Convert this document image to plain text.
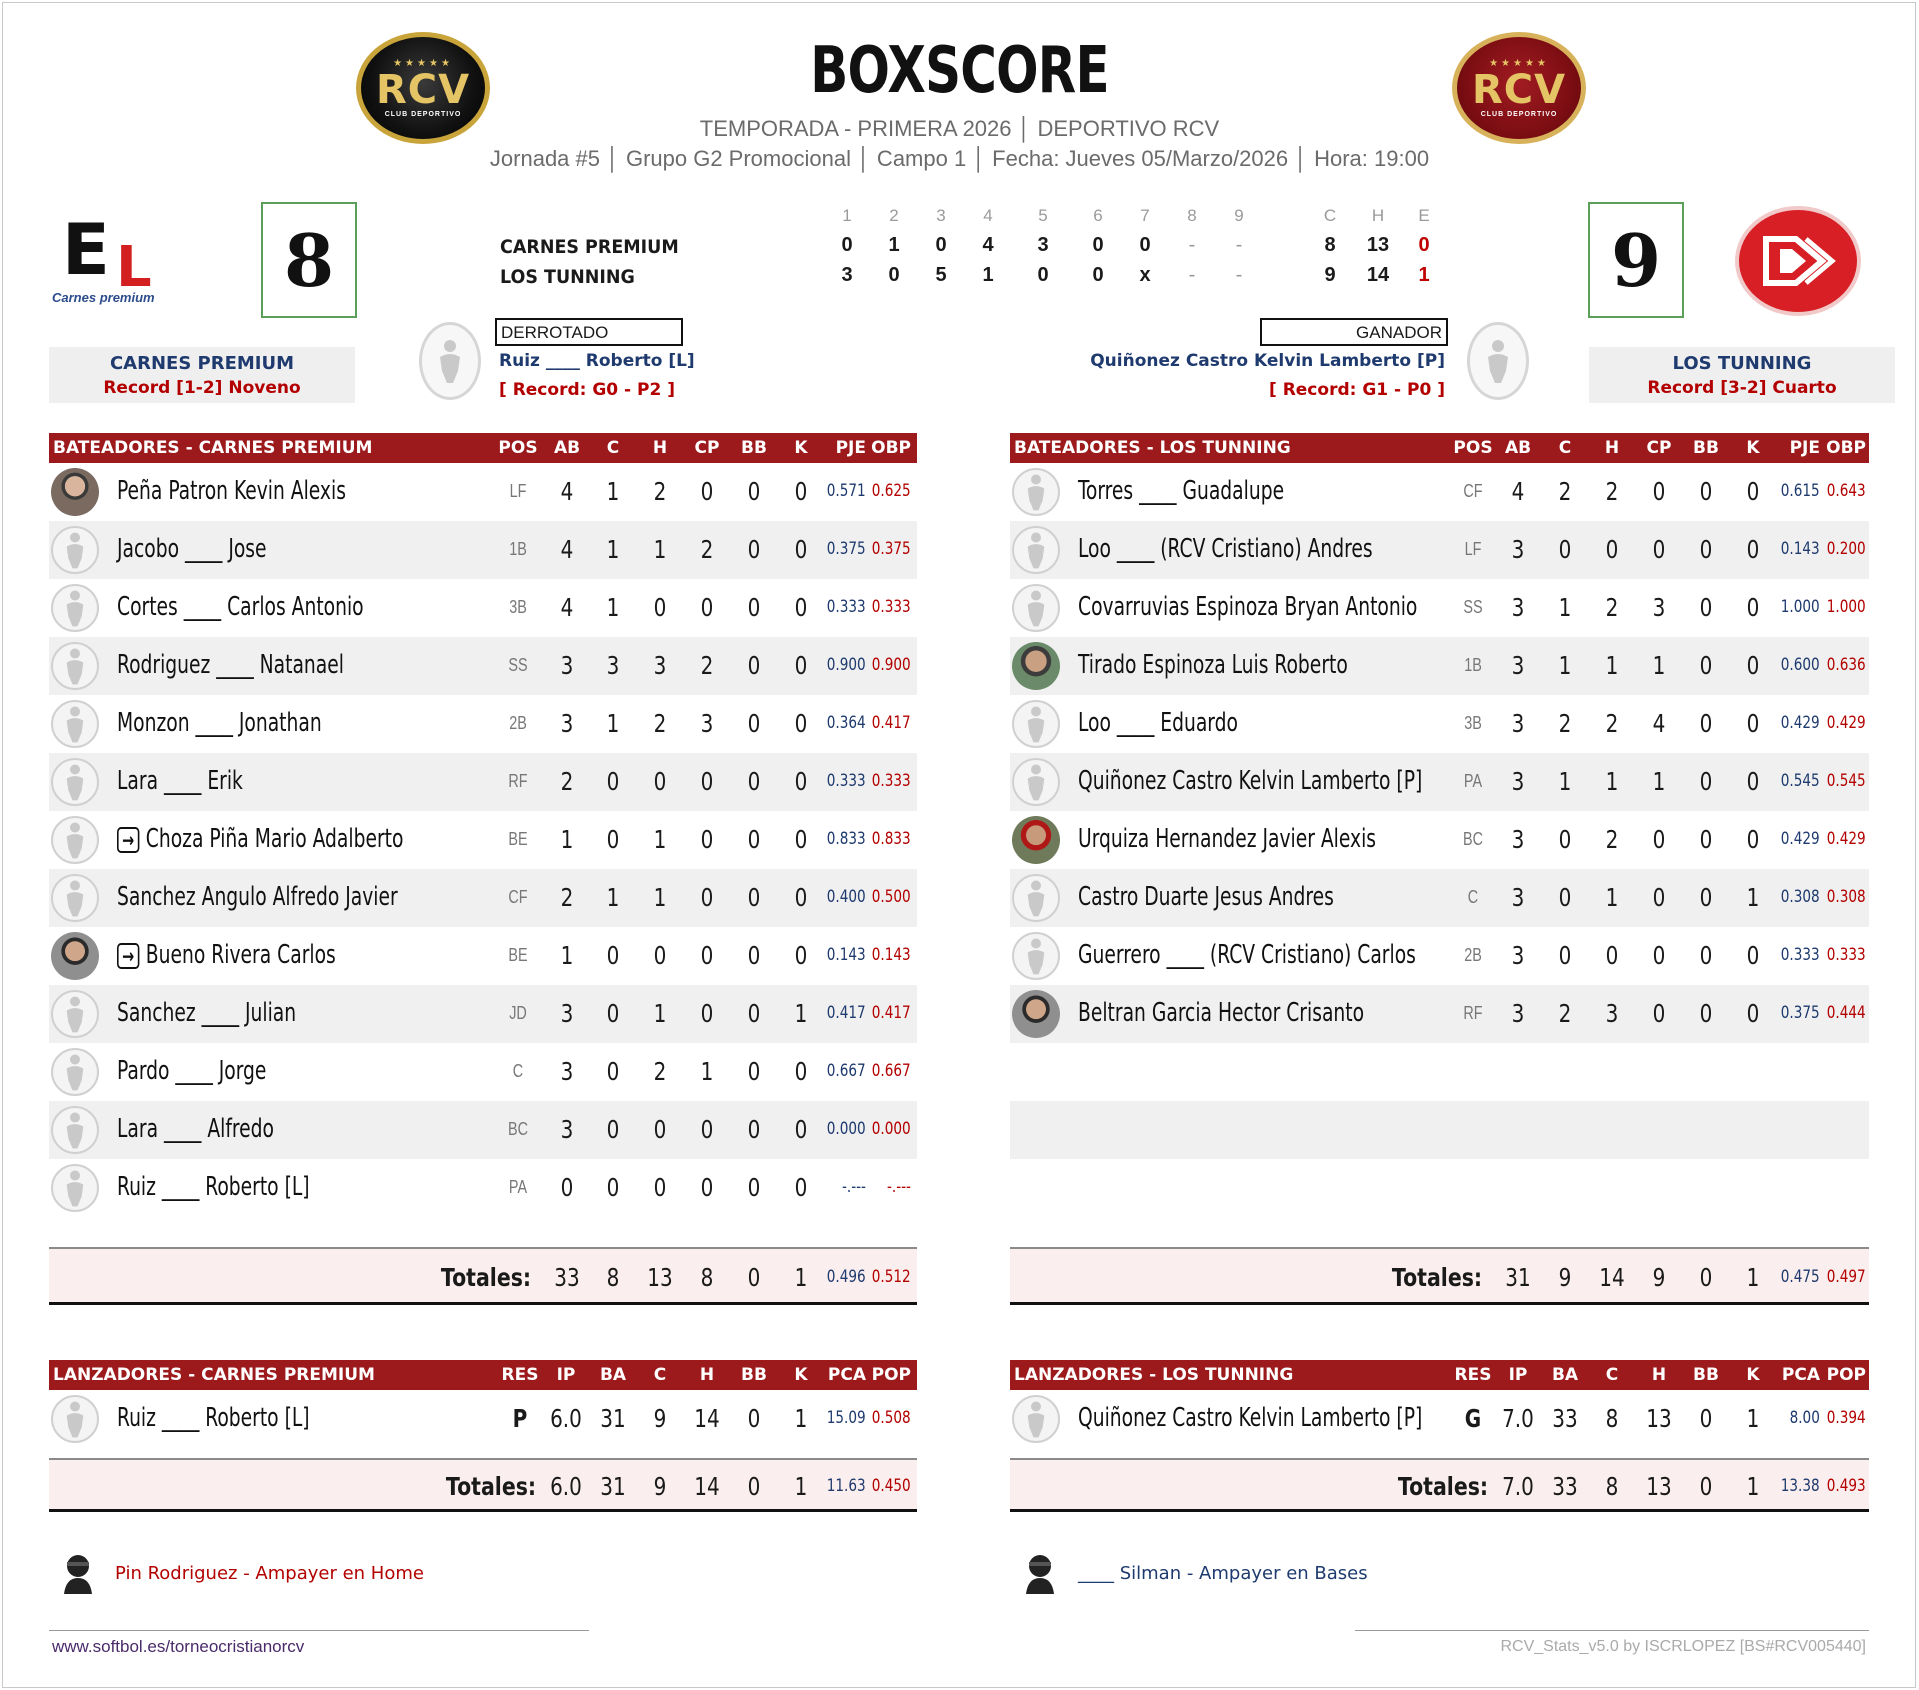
BOXSCORE
TEMPORADA - PRIMERA 2026 │ DEPORTIVO RCV
Jornada #5 │ Grupo G2 Promocional │ Campo 1 │ Fecha: Jueves 05/Marzo/2026 │ Hora: 19:00
★★★★★
RCV
CLUB DEPORTIVO
★★★★★
RCV
CLUB DEPORTIVO
E L
Carnes premium	8	9
1	2	3	4	5	6	7	8	9	C	H	E
CARNES PREMIUM	0	1	0	4	3	0	0	-	-	8	13	0
LOS TUNNING	3	0	5	1	0	0	x	-	-	9	14	1
CARNES PREMIUM
Record [1-2] Noveno
LOS TUNNING
Record [3-2] Cuarto
DERROTADO
Ruiz ____ Roberto [L]
[ Record: G0 - P2 ]
GANADOR
Quiñonez Castro Kelvin Lamberto [P]
[ Record: G1 - P0 ]
BATEADORES - CARNES PREMIUM	POS AB	C	H	CP	BB	K	PJE OBP
Peña Patron Kevin Alexis	LF	4	1	2	0	0	0	0.571 0.625
Jacobo ____ Jose	1B	4	1	1	2	0	0	0.375 0.375
Cortes ____ Carlos Antonio	3B	4	1	0	0	0	0	0.333 0.333
Rodriguez ____ Natanael	SS	3	3	3	2	0	0	0.900 0.900
Monzon ____ Jonathan	2B	3	1	2	3	0	0	0.364 0.417
Lara ____ Erik	RF	2	0	0	0	0	0	0.333 0.333
→ Choza Piña Mario Adalberto	BE	1	0	1	0	0	0	0.833 0.833
Sanchez Angulo Alfredo Javier	CF	2	1	1	0	0	0	0.400 0.500
→ Bueno Rivera Carlos	BE	1	0	0	0	0	0	0.143 0.143
Sanchez ____ Julian	JD	3	0	1	0	0	1	0.417 0.417
Pardo ____ Jorge	C	3	0	2	1	0	0	0.667 0.667
Lara ____ Alfredo	BC	3	0	0	0	0	0	0.000 0.000
Ruiz ____ Roberto [L]	PA	0	0	0	0	0	0	-.--- -.---
Totales: 33	8	13	8	0	1	0.496 0.512
BATEADORES - LOS TUNNING	POS AB	C	H	CP	BB	K	PJE OBP
Torres ____ Guadalupe	CF	4	2	2	0	0	0	0.615 0.643
Loo ____ (RCV Cristiano) Andres	LF	3	0	0	0	0	0	0.143 0.200
Covarruvias Espinoza Bryan Antonio	SS	3	1	2	3	0	0	1.000 1.000
Tirado Espinoza Luis Roberto	1B	3	1	1	1	0	0	0.600 0.636
Loo ____ Eduardo	3B	3	2	2	4	0	0	0.429 0.429
Quiñonez Castro Kelvin Lamberto [P]	PA	3	1	1	1	0	0	0.545 0.545
Urquiza Hernandez Javier Alexis	BC	3	0	2	0	0	0	0.429 0.429
Castro Duarte Jesus Andres	C	3	0	1	0	0	1	0.308 0.308
Guerrero ____ (RCV Cristiano) Carlos	2B	3	0	0	0	0	0	0.333 0.333
Beltran Garcia Hector Crisanto	RF	3	2	3	0	0	0	0.375 0.444
Totales: 31	9	14	9	0	1	0.475 0.497
LANZADORES - CARNES PREMIUM	RES	IP	BA	C	H	BB	K	PCA POP
Ruiz ____ Roberto [L]	P 6.0 31	9	14	0	1	15.09 0.508
Totales: 6.0 31	9	14	0	1	11.63 0.450
LANZADORES - LOS TUNNING	RES	IP	BA	C	H	BB	K	PCA POP
Quiñonez Castro Kelvin Lamberto [P]	G 7.0 33	8	13	0	1	8.00 0.394
Totales: 7.0 33	8	13	0	1	13.38 0.493
Pin Rodriguez - Ampayer en Home	____ Silman - Ampayer en Bases
www.softbol.es/torneocristianorcv	RCV_Stats_v5.0 by ISCRLOPEZ [BS#RCV005440]
